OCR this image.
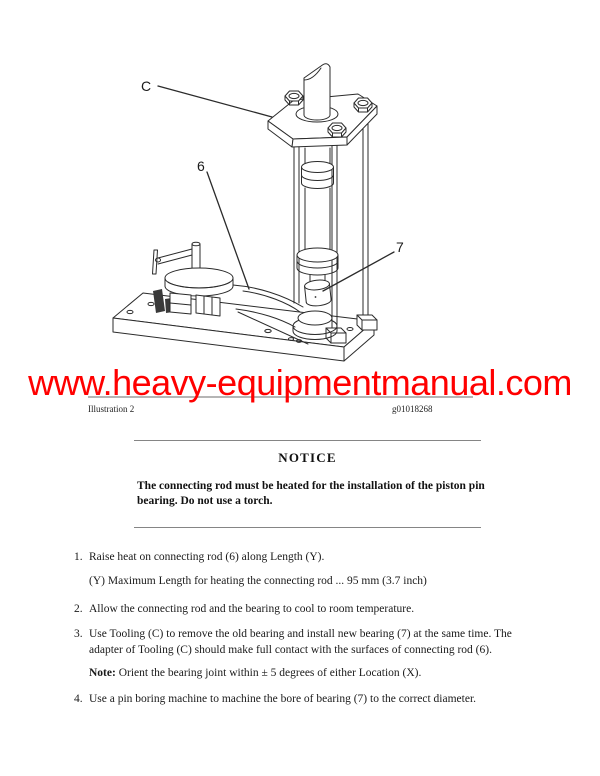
C
6
7
www.heavy-equipmentmanual.com
Illustration 2	g01018268
NOTICE
The connecting rod must be heated for the installation of the piston pin
bearing. Do not use a torch.
1. Raise heat on connecting rod (6) along Length (Y).
(Y) Maximum Length for heating the connecting rod ... 95 mm (3.7 inch)
2. Allow the connecting rod and the bearing to cool to room temperature.
3. Use Tooling (C) to remove the old bearing and install new bearing (7) at the same time. The
adapter of Tooling (C) should make full contact with the surfaces of connecting rod (6).
Note: Orient the bearing joint within ± 5 degrees of either Location (X).
4. Use a pin boring machine to machine the bore of bearing (7) to the correct diameter.
